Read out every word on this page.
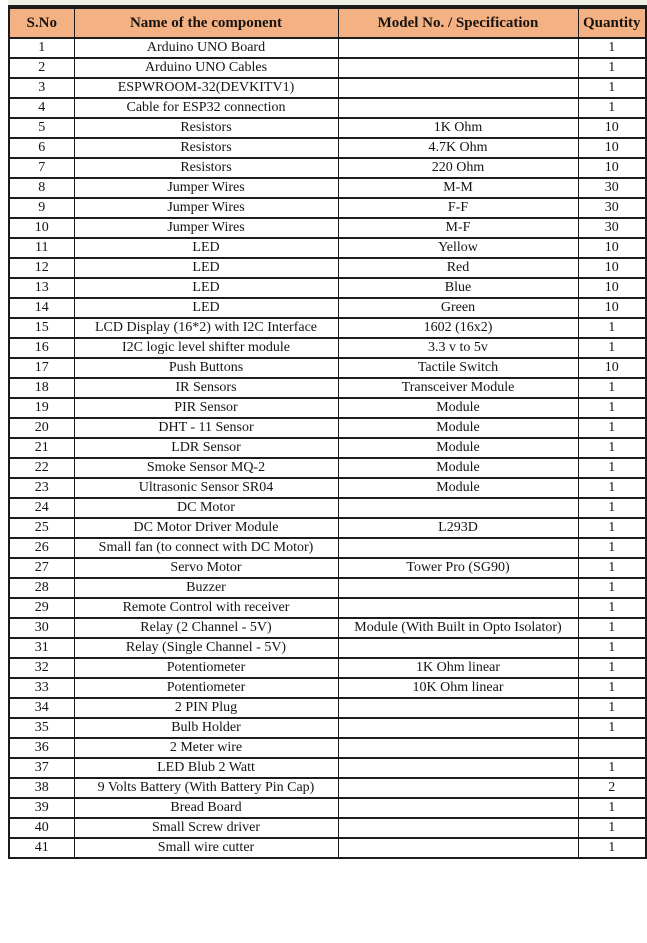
S.No	Name of the component	Model No. / Specification	Quantity
1	Arduino UNO Board		1
2	Arduino UNO Cables		1
3	ESPWROOM-32(DEVKITV1)		1
4	Cable for ESP32 connection		1
5	Resistors	1K Ohm	10
6	Resistors	4.7K Ohm	10
7	Resistors	220 Ohm	10
8	Jumper Wires	M-M	30
9	Jumper Wires	F-F	30
10	Jumper Wires	M-F	30
11	LED	Yellow	10
12	LED	Red	10
13	LED	Blue	10
14	LED	Green	10
15	LCD Display (16*2) with I2C Interface	1602 (16x2)	1
16	I2C logic level shifter module	3.3 v to 5v	1
17	Push Buttons	Tactile Switch	10
18	IR Sensors	Transceiver Module	1
19	PIR Sensor	Module	1
20	DHT - 11 Sensor	Module	1
21	LDR Sensor	Module	1
22	Smoke Sensor MQ-2	Module	1
23	Ultrasonic Sensor SR04	Module	1
24	DC Motor		1
25	DC Motor Driver Module	L293D	1
26	Small fan (to connect with DC Motor)		1
27	Servo Motor	Tower Pro (SG90)	1
28	Buzzer		1
29	Remote Control with receiver		1
30	Relay (2 Channel - 5V)	Module (With Built in Opto Isolator)	1
31	Relay (Single Channel - 5V)		1
32	Potentiometer	1K Ohm linear	1
33	Potentiometer	10K Ohm linear	1
34	2 PIN Plug		1
35	Bulb Holder		1
36	2 Meter wire		
37	LED Blub 2 Watt		1
38	9 Volts Battery (With Battery Pin Cap)		2
39	Bread Board		1
40	Small Screw driver		1
41	Small wire cutter		1
